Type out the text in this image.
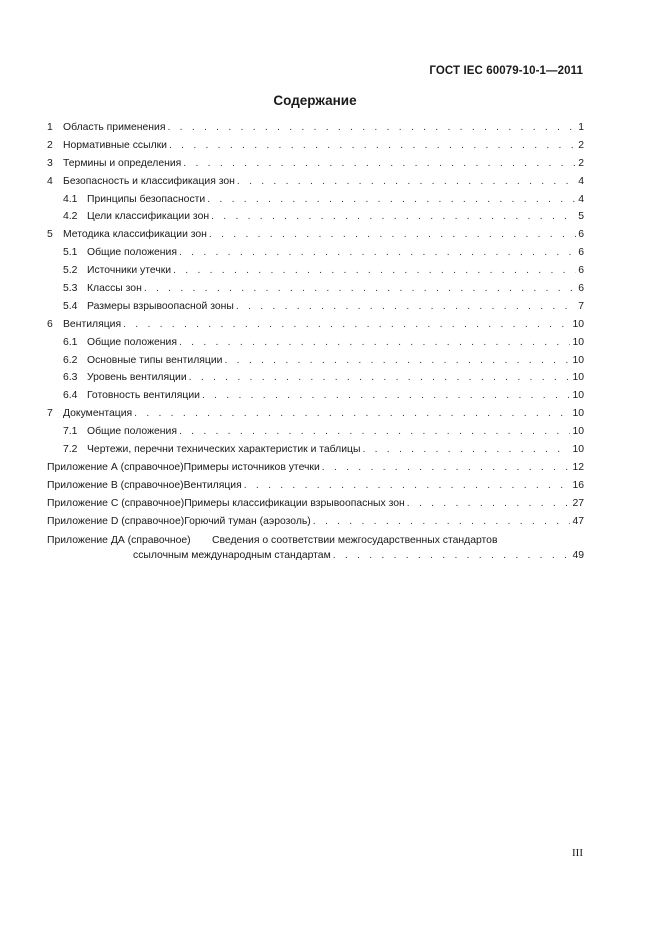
ГОСТ IEC 60079-10-1—2011
Содержание
1 Область применения . . .	1
2 Нормативные ссылки . . .	2
3 Термины и определения . . .	2
4 Безопасность и классификация зон . . .	4
4.1 Принципы безопасности . . .	4
4.2 Цели классификации зон . . .	5
5 Методика классификации зон . . .	6
5.1 Общие положения . . .	6
5.2 Источники утечки . . .	6
5.3 Классы зон . . .	6
5.4 Размеры взрывоопасной зоны . . .	7
6 Вентиляция . . .	10
6.1 Общие положения . . .	10
6.2 Основные типы вентиляции . . .	10
6.3 Уровень вентиляции . . .	10
6.4 Готовность вентиляции . . .	10
7 Документация . . .	10
7.1 Общие положения . . .	10
7.2 Чертежи, перечни технических характеристик и таблицы . . .	10
Приложение А (справочное) Примеры источников утечки . . .	12
Приложение В (справочное) Вентиляция . . .	16
Приложение С (справочное) Примеры классификации взрывоопасных зон . . .	27
Приложение D (справочное) Горючий туман (аэрозоль) . . .	47
Приложение ДА (справочное) Сведения о соответствии межгосударственных стандартов
ссылочным международным стандартам . . .	49
III
